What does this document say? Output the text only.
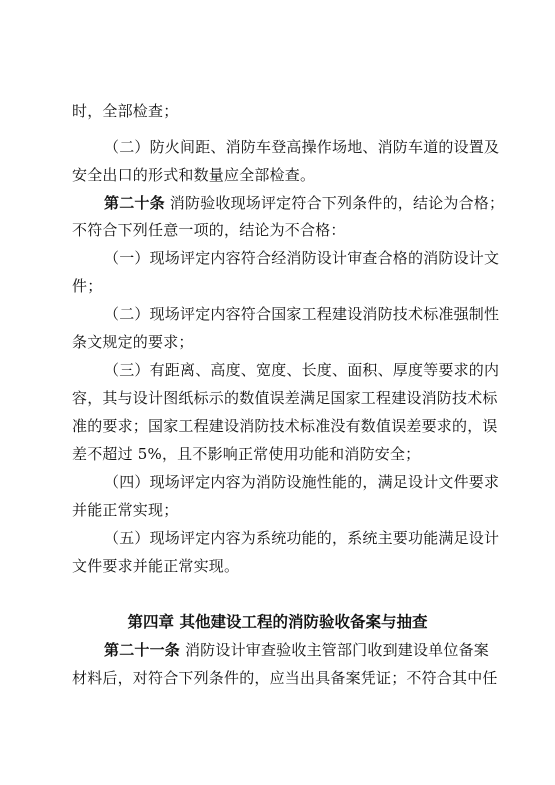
时，全部检查；
（二）防火间距、消防车登高操作场地、消防车道的设置及
安全出口的形式和数量应全部检查。
第二十条 消防验收现场评定符合下列条件的，结论为合格；
不符合下列任意一项的，结论为不合格：
（一）现场评定内容符合经消防设计审查合格的消防设计文
件；
（二）现场评定内容符合国家工程建设消防技术标准强制性
条文规定的要求；
（三）有距离、高度、宽度、长度、面积、厚度等要求的内
容，其与设计图纸标示的数值误差满足国家工程建设消防技术标
准的要求；国家工程建设消防技术标准没有数值误差要求的，误
差不超过 5%，且不影响正常使用功能和消防安全；
（四）现场评定内容为消防设施性能的，满足设计文件要求
并能正常实现；
（五）现场评定内容为系统功能的，系统主要功能满足设计
文件要求并能正常实现。
第四章 其他建设工程的消防验收备案与抽查
第二十一条 消防设计审查验收主管部门收到建设单位备案
材料后，对符合下列条件的，应当出具备案凭证；不符合其中任
